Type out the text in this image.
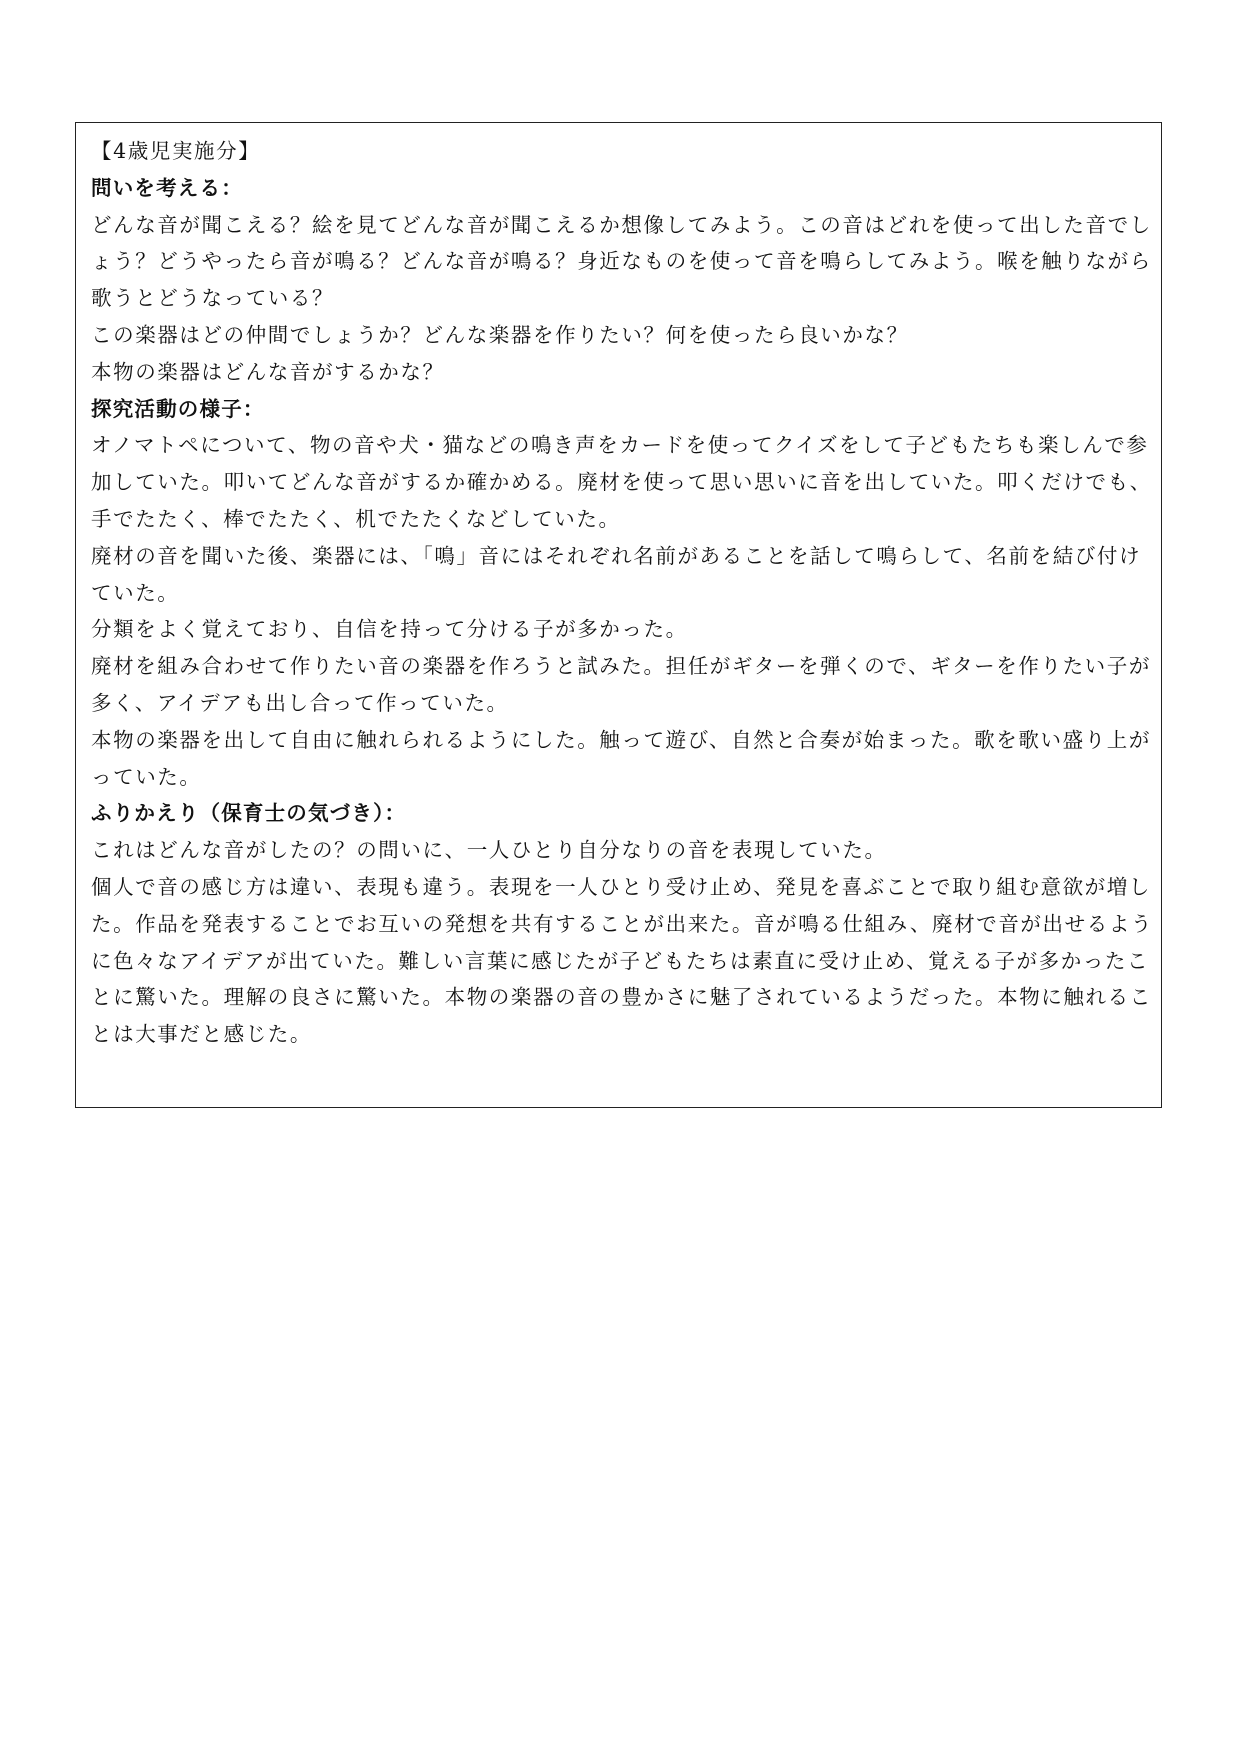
【4歳児実施分】
問いを考える：
どんな音が聞こえる？絵を見てどんな音が聞こえるか想像してみよう。この音はどれを使って出した音でし
ょう？どうやったら音が鳴る？どんな音が鳴る？身近なものを使って音を鳴らしてみよう。喉を触りながら
歌うとどうなっている？
この楽器はどの仲間でしょうか？どんな楽器を作りたい？何を使ったら良いかな？
本物の楽器はどんな音がするかな？
探究活動の様子：
オノマトペについて、物の音や犬・猫などの鳴き声をカードを使ってクイズをして子どもたちも楽しんで参
加していた。叩いてどんな音がするか確かめる。廃材を使って思い思いに音を出していた。叩くだけでも、
手でたたく、棒でたたく、机でたたくなどしていた。
廃材の音を聞いた後、楽器には、「鳴」音にはそれぞれ名前があることを話して鳴らして、名前を結び付け
ていた。
分類をよく覚えており、自信を持って分ける子が多かった。
廃材を組み合わせて作りたい音の楽器を作ろうと試みた。担任がギターを弾くので、ギターを作りたい子が
多く、アイデアも出し合って作っていた。
本物の楽器を出して自由に触れられるようにした。触って遊び、自然と合奏が始まった。歌を歌い盛り上が
っていた。
ふりかえり（保育士の気づき）：
これはどんな音がしたの？の問いに、一人ひとり自分なりの音を表現していた。
個人で音の感じ方は違い、表現も違う。表現を一人ひとり受け止め、発見を喜ぶことで取り組む意欲が増し
た。作品を発表することでお互いの発想を共有することが出来た。音が鳴る仕組み、廃材で音が出せるよう
に色々なアイデアが出ていた。難しい言葉に感じたが子どもたちは素直に受け止め、覚える子が多かったこ
とに驚いた。理解の良さに驚いた。本物の楽器の音の豊かさに魅了されているようだった。本物に触れるこ
とは大事だと感じた。
